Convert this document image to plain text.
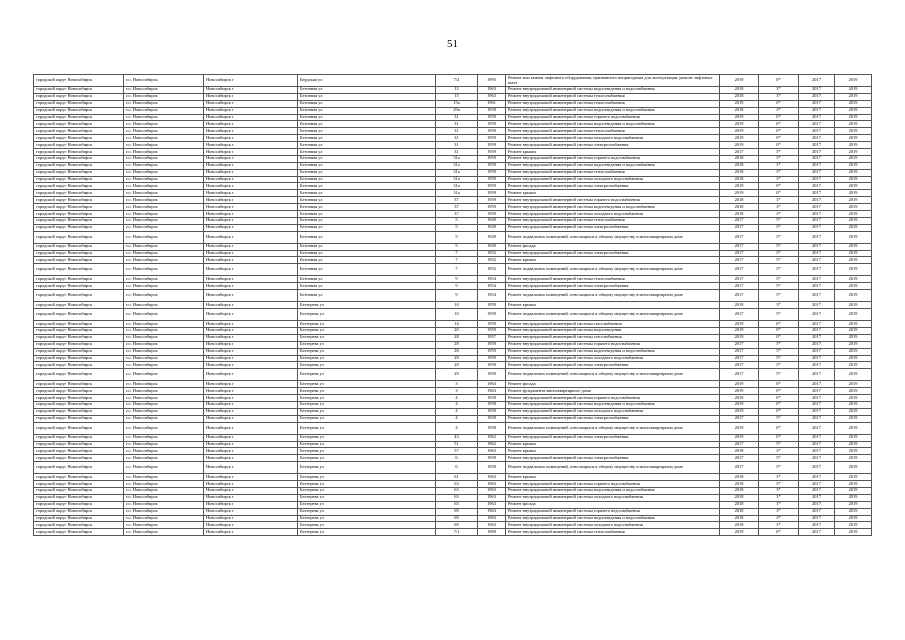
51
городской округ Новосибирск	г.о. Новосибирск	Новосибирск г	Бердская ул	7/2	1995	Ремонт или замена лифтового оборудования, признанного непригодным для эксплуатации, ремонт лифтовых шахт	2019	0*	2017	2019
городской округ Новосибирск	г.о. Новосибирск	Новосибирск г	Бетонная ул	15	1963	Ремонт внутридомовой инженерной системы водоотведения и водоснабжения	2018	3*	2017	2019
городской округ Новосибирск	г.о. Новосибирск	Новосибирск г	Бетонная ул	15	1963	Ремонт внутридомовой инженерной системы теплоснабжения	2018	3*	2017	2019
городской округ Новосибирск	г.о. Новосибирск	Новосибирск г	Бетонная ул	15а	1961	Ремонт внутридомовой инженерной системы теплоснабжения	2019	0*	2017	2019
городской округ Новосибирск	г.о. Новосибирск	Новосибирск г	Бетонная ул	29а	1958	Ремонт внутридомовой инженерной системы водоотведения и водоснабжения	2018	3*	2017	2019
городской округ Новосибирск	г.о. Новосибирск	Новосибирск г	Бетонная ул	31	1959	Ремонт внутридомовой инженерной системы горячего водоснабжения	2019	0*	2017	2019
городской округ Новосибирск	г.о. Новосибирск	Новосибирск г	Бетонная ул	31	1959	Ремонт внутридомовой инженерной системы водоотведения и водоснабжения	2019	0*	2017	2019
городской округ Новосибирск	г.о. Новосибирск	Новосибирск г	Бетонная ул	31	1959	Ремонт внутридомовой инженерной системы теплоснабжения	2019	0*	2017	2019
городской округ Новосибирск	г.о. Новосибирск	Новосибирск г	Бетонная ул	31	1959	Ремонт внутридомовой инженерной системы холодного водоснабжения	2019	0*	2017	2019
городской округ Новосибирск	г.о. Новосибирск	Новосибирск г	Бетонная ул	31	1959	Ремонт внутридомовой инженерной системы электроснабжения	2019	0*	2017	2019
городской округ Новосибирск	г.о. Новосибирск	Новосибирск г	Бетонная ул	31	1959	Ремонт крыши	2017	5*	2017	2019
городской округ Новосибирск	г.о. Новосибирск	Новосибирск г	Бетонная ул	31а	1959	Ремонт внутридомовой инженерной системы горячего водоснабжения	2018	3*	2017	2019
городской округ Новосибирск	г.о. Новосибирск	Новосибирск г	Бетонная ул	31а	1959	Ремонт внутридомовой инженерной системы водоотведения и водоснабжения	2018	3*	2017	2019
городской округ Новосибирск	г.о. Новосибирск	Новосибирск г	Бетонная ул	31а	1959	Ремонт внутридомовой инженерной системы теплоснабжения	2018	3*	2017	2019
городской округ Новосибирск	г.о. Новосибирск	Новосибирск г	Бетонная ул	31а	1959	Ремонт внутридомовой инженерной системы холодного водоснабжения	2018	3*	2017	2019
городской округ Новосибирск	г.о. Новосибирск	Новосибирск г	Бетонная ул	31а	1959	Ремонт внутридомовой инженерной системы электроснабжения	2019	0*	2017	2019
городской округ Новосибирск	г.о. Новосибирск	Новосибирск г	Бетонная ул	31а	1959	Ремонт крыши	2019	0*	2017	2019
городской округ Новосибирск	г.о. Новосибирск	Новосибирск г	Бетонная ул	37	1959	Ремонт внутридомовой инженерной системы горячего водоснабжения	2018	3*	2017	2019
городской округ Новосибирск	г.о. Новосибирск	Новосибирск г	Бетонная ул	37	1959	Ремонт внутридомовой инженерной системы водоотведения и водоснабжения	2018	3*	2017	2019
городской округ Новосибирск	г.о. Новосибирск	Новосибирск г	Бетонная ул	37	1959	Ремонт внутридомовой инженерной системы холодного водоснабжения	2018	3*	2017	2019
городской округ Новосибирск	г.о. Новосибирск	Новосибирск г	Бетонная ул	5	1949	Ремонт внутридомовой инженерной системы теплоснабжения	2017	5*	2017	2019
городской округ Новосибирск	г.о. Новосибирск	Новосибирск г	Бетонная ул	5	1949	Ремонт внутридомовой инженерной системы электроснабжения	2017	5*	2017	2019
городской округ Новосибирск	г.о. Новосибирск	Новосибирск г	Бетонная ул	5	1949	Ремонт подвальных помещений, относящихся к общему имуществу в многоквартирном доме	2017	5*	2017	2019
городской округ Новосибирск	г.о. Новосибирск	Новосибирск г	Бетонная ул	5	1949	Ремонт фасада	2017	5*	2017	2019
городской округ Новосибирск	г.о. Новосибирск	Новосибирск г	Бетонная ул	7	1952	Ремонт внутридомовой инженерной системы электроснабжения	2017	5*	2017	2019
городской округ Новосибирск	г.о. Новосибирск	Новосибирск г	Бетонная ул	7	1952	Ремонт крыши	2017	5*	2017	2019
городской округ Новосибирск	г.о. Новосибирск	Новосибирск г	Бетонная ул	7	1952	Ремонт подвальных помещений, относящихся к общему имуществу в многоквартирном доме	2017	5*	2017	2019
городской округ Новосибирск	г.о. Новосибирск	Новосибирск г	Бетонная ул	9	1954	Ремонт внутридомовой инженерной системы теплоснабжения	2017	5*	2017	2019
городской округ Новосибирск	г.о. Новосибирск	Новосибирск г	Бетонная ул	9	1954	Ремонт внутридомовой инженерной системы электроснабжения	2017	5*	2017	2019
городской округ Новосибирск	г.о. Новосибирск	Новосибирск г	Бетонная ул	9	1954	Ремонт подвальных помещений, относящихся к общему имуществу в многоквартирном доме	2017	5*	2017	2019
городской округ Новосибирск	г.о. Новосибирск	Новосибирск г	Бехтерева ул	10	1959	Ремонт крыши	2018	3*	2017	2019
городской округ Новосибирск	г.о. Новосибирск	Новосибирск г	Бехтерева ул	10	1959	Ремонт подвальных помещений, относящихся к общему имуществу в многоквартирном доме	2017	5*	2017	2019
городской округ Новосибирск	г.о. Новосибирск	Новосибирск г	Бехтерева ул	14	1959	Ремонт внутридомовой инженерной системы газоснабжения	2019	0*	2017	2019
городской округ Новосибирск	г.о. Новосибирск	Новосибирск г	Бехтерева ул	20	1959	Ремонт внутридомовой инженерной системы водоотведения	2019	0*	2017	2019
городской округ Новосибирск	г.о. Новосибирск	Новосибирск г	Бехтерева ул	28	1957	Ремонт внутридомовой инженерной системы газоснабжения	2019	0*	2017	2019
городской округ Новосибирск	г.о. Новосибирск	Новосибирск г	Бехтерева ул	28	1959	Ремонт внутридомовой инженерной системы горячего водоснабжения	2017	5*	2017	2019
городской округ Новосибирск	г.о. Новосибирск	Новосибирск г	Бехтерева ул	28	1959	Ремонт внутридомовой инженерной системы водоотведения и водоснабжения	2017	5*	2017	2019
городской округ Новосибирск	г.о. Новосибирск	Новосибирск г	Бехтерева ул	28	1959	Ремонт внутридомовой инженерной системы холодного водоснабжения	2017	5*	2017	2019
городской округ Новосибирск	г.о. Новосибирск	Новосибирск г	Бехтерева ул	28	1959	Ремонт внутридомовой инженерной системы электроснабжения	2017	5*	2017	2019
городской округ Новосибирск	г.о. Новосибирск	Новосибирск г	Бехтерева ул	28	1959	Ремонт подвальных помещений, относящихся к общему имуществу в многоквартирном доме	2017	5*	2017	2019
городской округ Новосибирск	г.о. Новосибирск	Новосибирск г	Бехтерева ул	3	1963	Ремонт фасада	2019	0*	2017	2019
городской округ Новосибирск	г.о. Новосибирск	Новосибирск г	Бехтерева ул	3	1963	Ремонт фундамента многоквартирного дома	2019	0*	2017	2019
городской округ Новосибирск	г.о. Новосибирск	Новосибирск г	Бехтерева ул	4	1958	Ремонт внутридомовой инженерной системы горячего водоснабжения	2019	0*	2017	2019
городской округ Новосибирск	г.о. Новосибирск	Новосибирск г	Бехтерева ул	4	1958	Ремонт внутридомовой инженерной системы водоотведения и водоснабжения	2019	0*	2017	2019
городской округ Новосибирск	г.о. Новосибирск	Новосибирск г	Бехтерева ул	4	1958	Ремонт внутридомовой инженерной системы холодного водоснабжения	2019	0*	2017	2019
городской округ Новосибирск	г.о. Новосибирск	Новосибирск г	Бехтерева ул	4	1958	Ремонт внутридомовой инженерной системы электроснабжения	2017	5*	2017	2019
городской округ Новосибирск	г.о. Новосибирск	Новосибирск г	Бехтерева ул	4	1958	Ремонт подвальных помещений, относящихся к общему имуществу в многоквартирном доме	2019	0*	2017	2019
городской округ Новосибирск	г.о. Новосибирск	Новосибирск г	Бехтерева ул	43	1962	Ремонт внутридомовой инженерной системы электроснабжения	2019	0*	2017	2019
городской округ Новосибирск	г.о. Новосибирск	Новосибирск г	Бехтерева ул	51	1962	Ремонт крыши	2017	5*	2017	2019
городской округ Новосибирск	г.о. Новосибирск	Новосибирск г	Бехтерева ул	57	1963	Ремонт крыши	2018	3*	2017	2019
городской округ Новосибирск	г.о. Новосибирск	Новосибирск г	Бехтерева ул	6	1958	Ремонт внутридомовой инженерной системы электроснабжения	2017	5*	2017	2019
городской округ Новосибирск	г.о. Новосибирск	Новосибирск г	Бехтерева ул	6	1958	Ремонт подвальных помещений, относящихся к общему имуществу в многоквартирном доме	2017	5*	2017	2019
городской округ Новосибирск	г.о. Новосибирск	Новосибирск г	Бехтерева ул	61	1963	Ремонт крыши	2018	3*	2017	2019
городской округ Новосибирск	г.о. Новосибирск	Новосибирск г	Бехтерева ул	63	1963	Ремонт внутридомовой инженерной системы горячего водоснабжения	2018	3*	2017	2019
городской округ Новосибирск	г.о. Новосибирск	Новосибирск г	Бехтерева ул	63	1963	Ремонт внутридомовой инженерной системы водоотведения и водоснабжения	2018	3*	2017	2019
городской округ Новосибирск	г.о. Новосибирск	Новосибирск г	Бехтерева ул	63	1963	Ремонт внутридомовой инженерной системы холодного водоснабжения	2018	3*	2017	2019
городской округ Новосибирск	г.о. Новосибирск	Новосибирск г	Бехтерева ул	65	1963	Ремонт фасада	2018	3*	2017	2019
городской округ Новосибирск	г.о. Новосибирск	Новосибирск г	Бехтерева ул	69	1963	Ремонт внутридомовой инженерной системы горячего водоснабжения	2018	3*	2017	2019
городской округ Новосибирск	г.о. Новосибирск	Новосибирск г	Бехтерева ул	69	1963	Ремонт внутридомовой инженерной системы водоотведения и водоснабжения	2018	3*	2017	2019
городской округ Новосибирск	г.о. Новосибирск	Новосибирск г	Бехтерева ул	69	1963	Ремонт внутридомовой инженерной системы холодного водоснабжения	2018	3*	2017	2019
городской округ Новосибирск	г.о. Новосибирск	Новосибирск г	Бехтерева ул	7/1	1969	Ремонт внутридомовой инженерной системы теплоснабжения	2019	0*	2017	2019
